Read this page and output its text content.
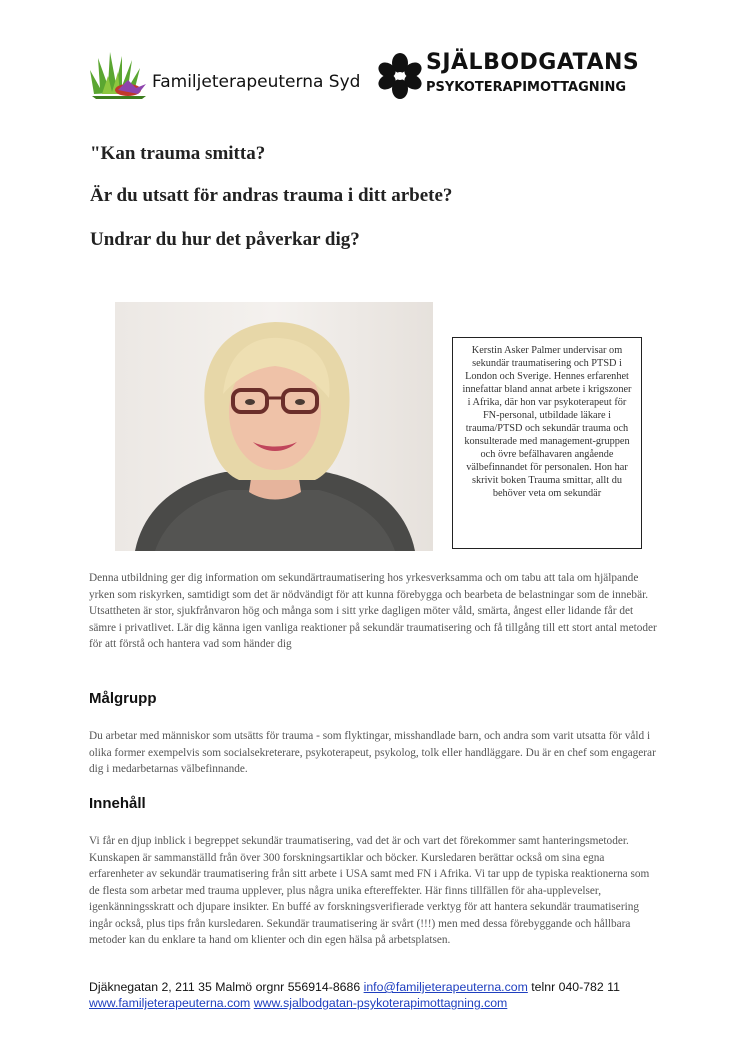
Familjeterapeuterna Syd
SJÄLBODGATANS
PSYKOTERAPIMOTTAGNING
"Kan trauma smitta?
Är du utsatt för andras trauma i ditt arbete?
Undrar du hur det påverkar dig?
Kerstin Asker Palmer undervisar om sekundär traumatisering och PTSD i London och Sverige. Hennes erfarenhet innefattar bland annat arbete i krigszoner i Afrika, där hon var psykoterapeut för FN-personal, utbildade läkare i trauma/PTSD och sekundär trauma och konsulterade med management-gruppen och övre befälhavaren angående välbefinnandet för personalen. Hon har skrivit boken Trauma smittar, allt du behöver veta om sekundär
Denna utbildning ger dig information om sekundärtraumatisering hos yrkesverksamma och om tabu att tala om hjälpande yrken som riskyrken, samtidigt som det är nödvändigt för att kunna förebygga och bearbeta de belastningar som de innebär. Utsattheten är stor, sjukfrånvaron hög och många som i sitt yrke dagligen möter våld, smärta, ångest eller lidande får det sämre i privatlivet. Lär dig känna igen vanliga reaktioner på sekundär traumatisering och få tillgång till ett stort antal metoder för att förstå och hantera vad som händer dig
Målgrupp
Du arbetar med människor som utsätts för trauma - som flyktingar, misshandlade barn, och andra som varit utsatta för våld i olika former exempelvis som socialsekreterare, psykoterapeut, psykolog, tolk eller handläggare. Du är en chef som engagerar dig i medarbetarnas välbefinnande.
Innehåll
Vi får en djup inblick i begreppet sekundär traumatisering, vad det är och vart det förekommer samt hanteringsmetoder. Kunskapen är sammanställd från över 300 forskningsartiklar och böcker. Kursledaren berättar också om sina egna erfarenheter av sekundär traumatisering från sitt arbete i USA samt med FN i Afrika. Vi tar upp de typiska reaktionerna som de flesta som arbetar med trauma upplever, plus några unika eftereffekter. Här finns tillfällen för aha-upplevelser, igenkänningsskratt och djupare insikter. En buffé av forskningsverifierade verktyg för att hantera sekundär traumatisering ingår också, plus tips från kursledaren. Sekundär traumatisering är svårt (!!!) men med dessa förebyggande och hållbara metoder kan du enklare ta hand om klienter och din egen hälsa på arbetsplatsen.
Djäknegatan 2, 211 35 Malmö orgnr 556914-8686 info@familjeterapeuterna.com telnr 040-782 11
www.familjeterapeuterna.com www.sjalbodgatan-psykoterapimottagning.com
